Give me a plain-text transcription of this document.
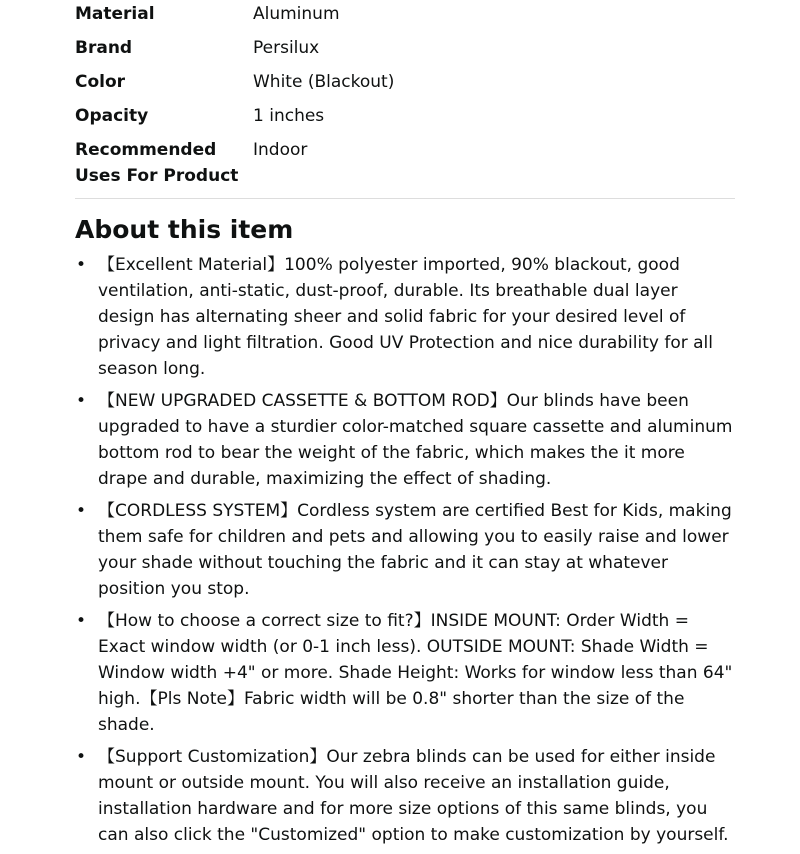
Material	Aluminum
Brand	Persilux
Color	White (Blackout)
Opacity	1 inches
Recommended Uses For Product	Indoor
About this item
• 【Excellent Material】100% polyester imported, 90% blackout, good ventilation, anti-static, dust-proof, durable. Its breathable dual layer design has alternating sheer and solid fabric for your desired level of privacy and light filtration. Good UV Protection and nice durability for all season long.
• 【NEW UPGRADED CASSETTE & BOTTOM ROD】Our blinds have been upgraded to have a sturdier color-matched square cassette and aluminum bottom rod to bear the weight of the fabric, which makes the it more drape and durable, maximizing the effect of shading.
• 【CORDLESS SYSTEM】Cordless system are certified Best for Kids, making them safe for children and pets and allowing you to easily raise and lower your shade without touching the fabric and it can stay at whatever position you stop.
• 【How to choose a correct size to fit?】INSIDE MOUNT: Order Width = Exact window width (or 0-1 inch less). OUTSIDE MOUNT: Shade Width = Window width +4" or more. Shade Height: Works for window less than 64" high.【Pls Note】Fabric width will be 0.8" shorter than the size of the shade.
• 【Support Customization】Our zebra blinds can be used for either inside mount or outside mount. You will also receive an installation guide, installation hardware and for more size options of this same blinds, you can also click the "Customized" option to make customization by yourself.
